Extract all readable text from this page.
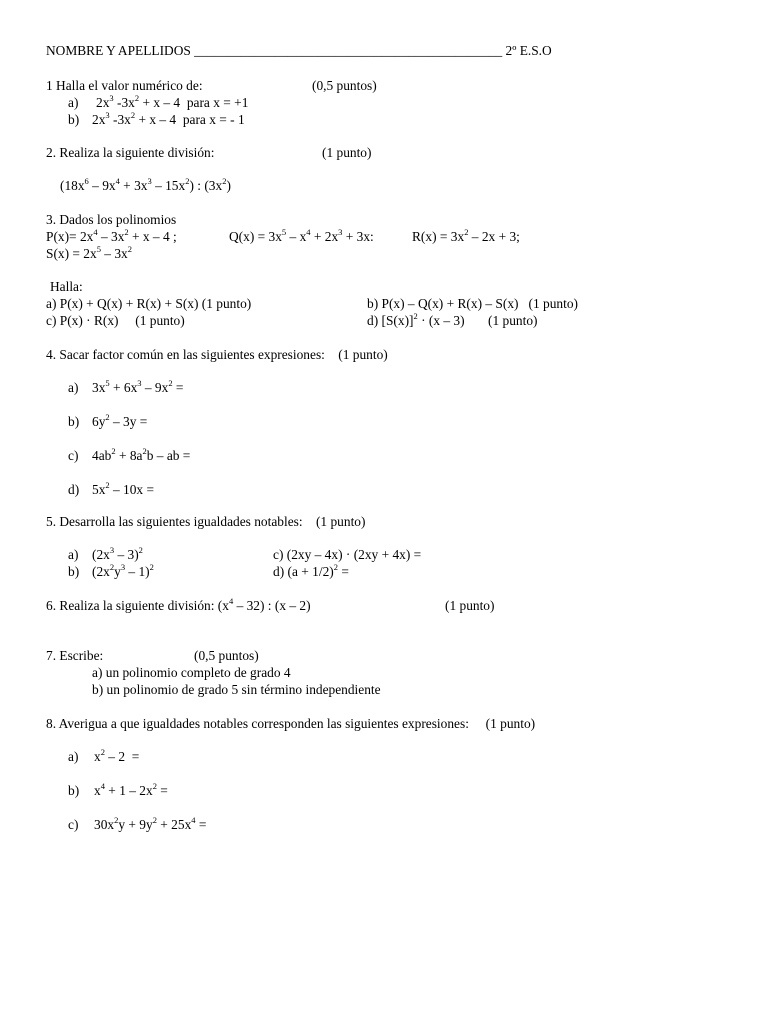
NOMBRE Y APELLIDOS ______________________________________________ 2º E.S.O
1 Halla el valor numérico de:	(0,5 puntos)
a) $2x^3$ $-3x^2 + x - 4$  para x = +1
b) $2x^3$ $-3x^2 + x - 4$  para x = - 1
2. Realiza la siguiente división:	(1 punto)
$(18x^6 - 9x^4 + 3x^3 - 15x^2)$ : $(3x^2)$
3. Dados los polinomios
$P(x)= 2x^4 - 3x^2 + x - 4$ ;	$Q(x) = 3x^5 - x^4 + 2x^3 + 3x$:	$R(x) = 3x^2 - 2x + 3$;
$S(x) = 2x^5 - 3x^2$
Halla:
a) P(x) + Q(x) + R(x) + S(x) (1 punto)	b) P(x) – Q(x) + R(x) – S(x)   (1 punto)
c) P(x) · R(x)     (1 punto)	d) $[S(x)]^2 \cdot (x - 3)$       (1 punto)
4. Sacar factor común en las siguientes expresiones:    (1 punto)
a) $3x^5 + 6x^3 - 9x^2$ =
b) $6y^2 - 3y$ =
c) $4ab^2 + 8a^2b$ – ab =
d) $5x^2 - 10x$ =
5. Desarrolla las siguientes igualdades notables:    (1 punto)
a) $(2x^3 - 3)^2$	c) (2xy – 4x) · (2xy + 4x) =
b) $(2x^2y^3 - 1)^2$	d) $(a + 1/2)^2$ =
6. Realiza la siguiente división: $(x^4 - 32)$ : (x – 2)	(1 punto)
7. Escribe:	(0,5 puntos)
a) un polinomio completo de grado 4
b) un polinomio de grado 5 sin término independiente
8. Averigua a que igualdades notables corresponden las siguientes expresiones:     (1 punto)
a) $x^2 - 2$  =
b) $x^4 + 1 - 2x^2$ =
c) $30x^2y + 9y^2 + 25x^4$ =
